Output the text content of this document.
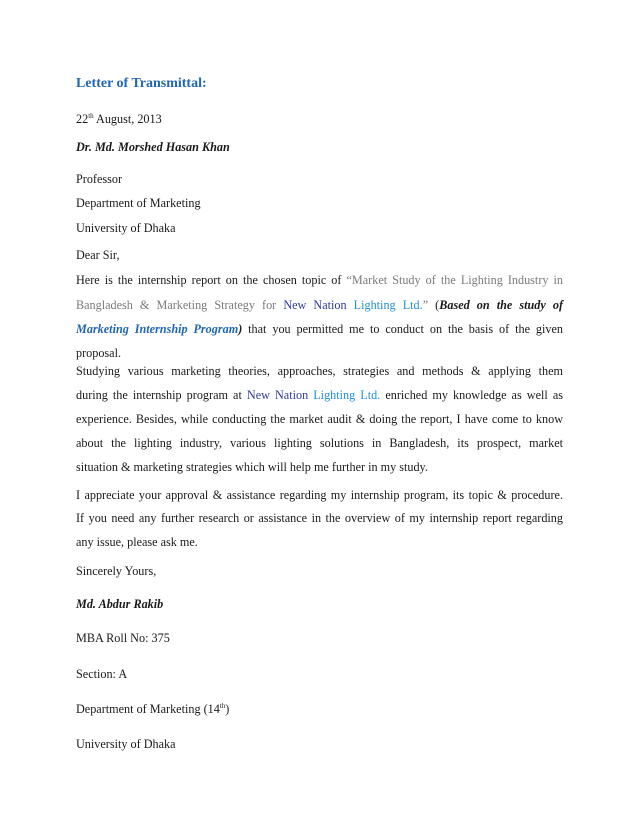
Letter of Transmittal:
22th August, 2013
Dr. Md. Morshed Hasan Khan
Professor
Department of Marketing
University of Dhaka
Dear Sir,
Here is the internship report on the chosen topic of “Market Study of the Lighting Industry in
Bangladesh & Marketing Strategy for New Nation Lighting Ltd.” (Based on the study of
Marketing Internship Program) that you permitted me to conduct on the basis of the given
proposal.
Studying various marketing theories, approaches, strategies and methods & applying them
during the internship program at New Nation Lighting Ltd. enriched my knowledge as well as
experience. Besides, while conducting the market audit & doing the report, I have come to know
about the lighting industry, various lighting solutions in Bangladesh, its prospect, market
situation & marketing strategies which will help me further in my study.
I appreciate your approval & assistance regarding my internship program, its topic & procedure.
If you need any further research or assistance in the overview of my internship report regarding
any issue, please ask me.
Sincerely Yours,
Md. Abdur Rakib
MBA Roll No: 375
Section: A
Department of Marketing (14th)
University of Dhaka
